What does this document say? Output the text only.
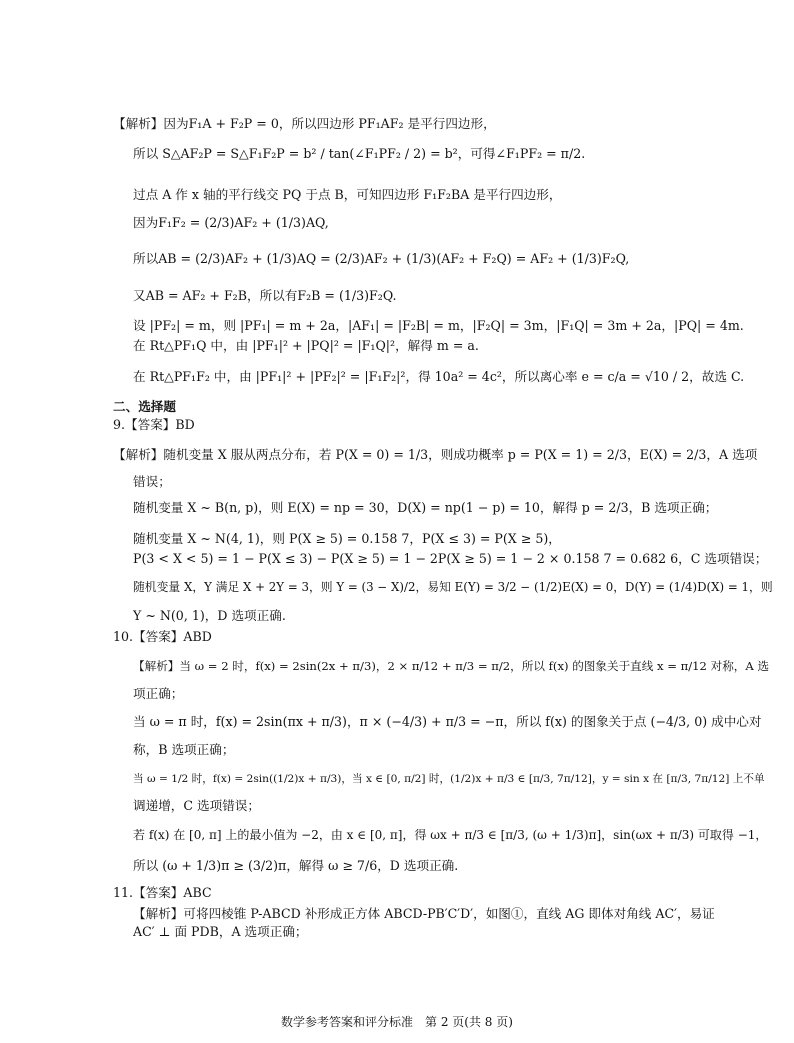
【解析】因为F₁A + F₂P = 0，所以四边形 PF₁AF₂ 是平行四边形，
所以 S△AF₂P = S△F₁F₂P = b² / tan(∠F₁PF₂ / 2) = b²，可得∠F₁PF₂ = π/2.
过点 A 作 x 轴的平行线交 PQ 于点 B，可知四边形 F₁F₂BA 是平行四边形，
因为F₁F₂ = (2/3)AF₂ + (1/3)AQ,
所以AB = (2/3)AF₂ + (1/3)AQ = (2/3)AF₂ + (1/3)(AF₂ + F₂Q) = AF₂ + (1/3)F₂Q,
又AB = AF₂ + F₂B，所以有F₂B = (1/3)F₂Q.
设 |PF₂| = m，则 |PF₁| = m + 2a，|AF₁| = |F₂B| = m，|F₂Q| = 3m，|F₁Q| = 3m + 2a，|PQ| = 4m.
在 Rt△PF₁Q 中，由 |PF₁|² + |PQ|² = |F₁Q|²，解得 m = a.
在 Rt△PF₁F₂ 中，由 |PF₁|² + |PF₂|² = |F₁F₂|²，得 10a² = 4c²，所以离心率 e = c/a = √10 / 2，故选 C.
二、选择题
9.【答案】BD
【解析】随机变量 X 服从两点分布，若 P(X = 0) = 1/3，则成功概率 p = P(X = 1) = 2/3，E(X) = 2/3，A 选项
错误；
随机变量 X ~ B(n, p)，则 E(X) = np = 30，D(X) = np(1 − p) = 10，解得 p = 2/3，B 选项正确；
随机变量 X ~ N(4, 1)，则 P(X ≥ 5) = 0.158 7，P(X ≤ 3) = P(X ≥ 5)，
P(3 < X < 5) = 1 − P(X ≤ 3) − P(X ≥ 5) = 1 − 2P(X ≥ 5) = 1 − 2 × 0.158 7 = 0.682 6，C 选项错误；
随机变量 X，Y 满足 X + 2Y = 3，则 Y = (3 − X)/2，易知 E(Y) = 3/2 − (1/2)E(X) = 0，D(Y) = (1/4)D(X) = 1，则
Y ~ N(0, 1)，D 选项正确.
10.【答案】ABD
【解析】当 ω = 2 时，f(x) = 2sin(2x + π/3)，2 × π/12 + π/3 = π/2，所以 f(x) 的图象关于直线 x = π/12 对称，A 选
项正确；
当 ω = π 时，f(x) = 2sin(πx + π/3)，π × (−4/3) + π/3 = −π，所以 f(x) 的图象关于点 (−4/3, 0) 成中心对
称，B 选项正确；
当 ω = 1/2 时，f(x) = 2sin((1/2)x + π/3)，当 x ∈ [0, π/2] 时，(1/2)x + π/3 ∈ [π/3, 7π/12]，y = sin x 在 [π/3, 7π/12] 上不单
调递增，C 选项错误；
若 f(x) 在 [0, π] 上的最小值为 −2，由 x ∈ [0, π]，得 ωx + π/3 ∈ [π/3, (ω + 1/3)π]，sin(ωx + π/3) 可取得 −1，
所以 (ω + 1/3)π ≥ (3/2)π，解得 ω ≥ 7/6，D 选项正确.
11.【答案】ABC
【解析】可将四棱锥 P-ABCD 补形成正方体 ABCD-PB′C′D′，如图①，直线 AG 即体对角线 AC′，易证
AC′ ⊥ 面 PDB，A 选项正确；
数学参考答案和评分标准　第 2 页(共 8 页)
